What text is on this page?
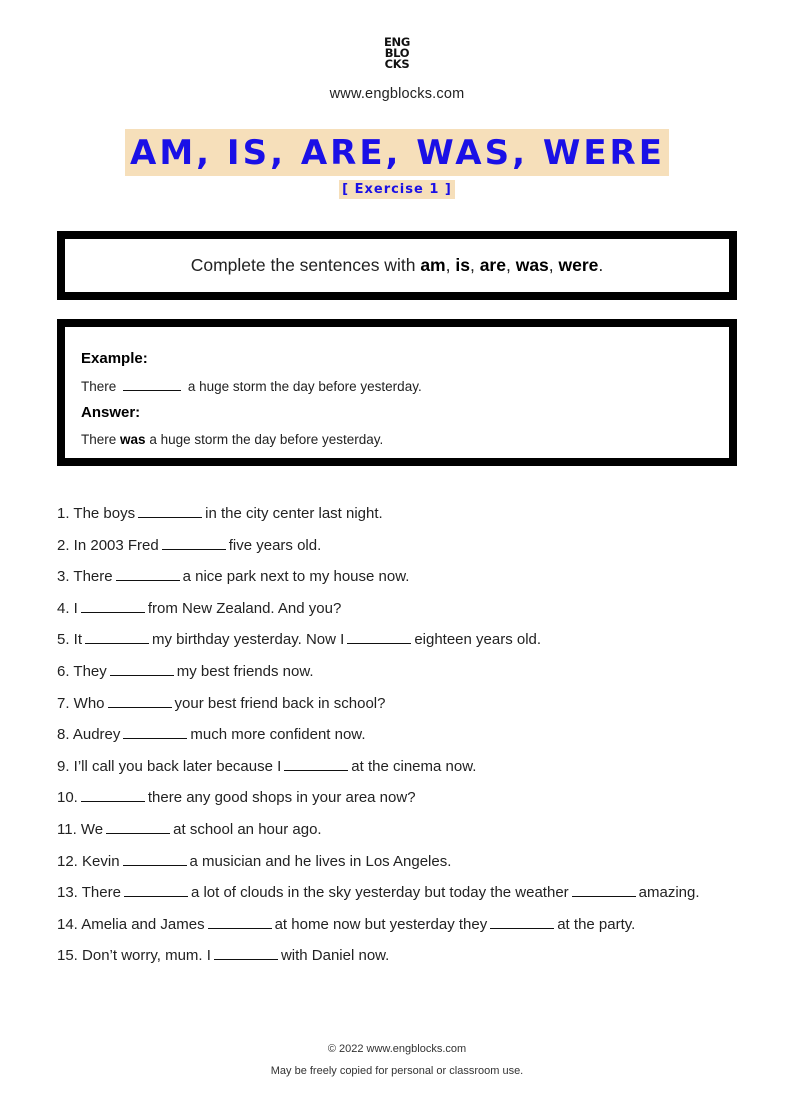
ENG
BLO
CKS
www.engblocks.com
AM, IS, ARE, WAS, WERE
[ Exercise 1 ]
Complete the sentences with am, is, are, was, were.
Example:
There	a huge storm the day before yesterday.
Answer:
There was a huge storm the day before yesterday.
1. The boys	in the city center last night.
2. In 2003 Fred	five years old.
3. There	a nice park next to my house now.
4. I	from New Zealand. And you?
5. It	my birthday yesterday. Now I	eighteen years old.
6. They	my best friends now.
7. Who	your best friend back in school?
8. Audrey	much more confident now.
9. I’ll call you back later because I	at the cinema now.
10.	there any good shops in your area now?
11. We	at school an hour ago.
12. Kevin	a musician and he lives in Los Angeles.
13. There	a lot of clouds in the sky yesterday but today the weather	amazing.
14. Amelia and James	at home now but yesterday they	at the party.
15. Don’t worry, mum. I	with Daniel now.
© 2022 www.engblocks.com
May be freely copied for personal or classroom use.
